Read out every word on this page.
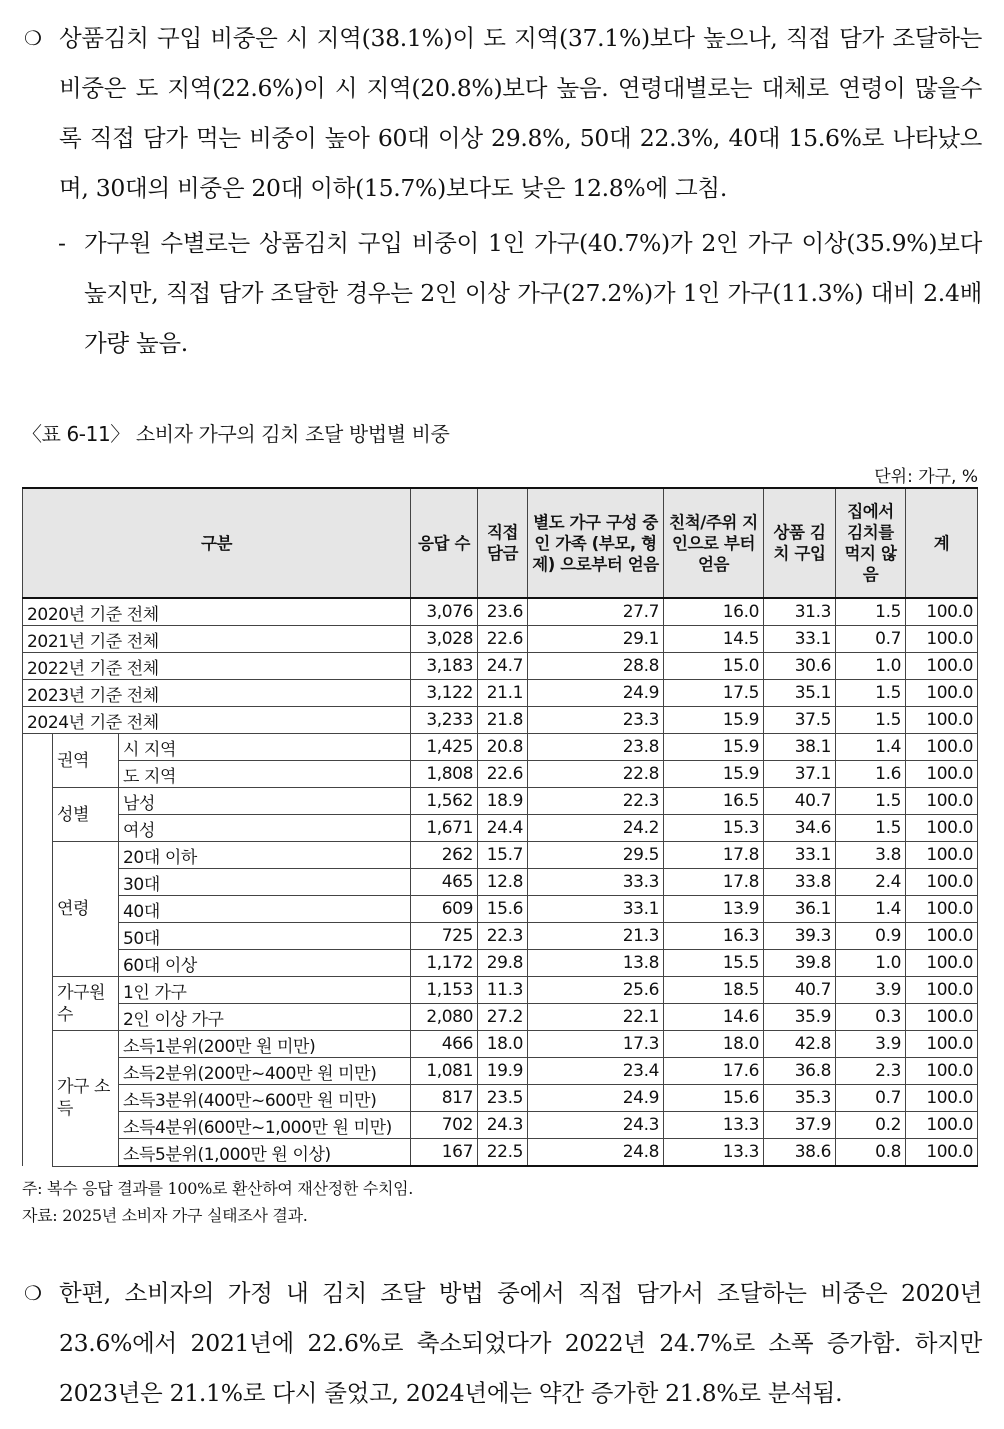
❍ 상품김치 구입 비중은 시 지역(38.1%)이 도 지역(37.1%)보다 높으나, 직접 담가 조달하는 비중은 도 지역(22.6%)이 시 지역(20.8%)보다 높음. 연령대별로는 대체로 연령이 많을수록 직접 담가 먹는 비중이 높아 60대 이상 29.8%, 50대 22.3%, 40대 15.6%로 나타났으며, 30대의 비중은 20대 이하(15.7%)보다도 낮은 12.8%에 그침.
- 가구원 수별로는 상품김치 구입 비중이 1인 가구(40.7%)가 2인 가구 이상(35.9%)보다 높지만, 직접 담가 조달한 경우는 2인 이상 가구(27.2%)가 1인 가구(11.3%) 대비 2.4배 가량 높음.
〈표 6-11〉 소비자 가구의 김치 조달 방법별 비중
단위: 가구, %
구분			응답 수	직접 담금	별도 가구 구성 중인 가족 (부모, 형제) 으로부터 얻음	친척/주위 지인으로 부터 얻음	상품 김치 구입	집에서 김치를 먹지 않음	계
2020년 기준 전체			3,076	23.6	27.7	16.0	31.3	1.5	100.0
2021년 기준 전체			3,028	22.6	29.1	14.5	33.1	0.7	100.0
2022년 기준 전체			3,183	24.7	28.8	15.0	30.6	1.0	100.0
2023년 기준 전체			3,122	21.1	24.9	17.5	35.1	1.5	100.0
2024년 기준 전체			3,233	21.8	23.3	15.9	37.5	1.5	100.0
	권역	시 지역	1,425	20.8	23.8	15.9	38.1	1.4	100.0
		도 지역	1,808	22.6	22.8	15.9	37.1	1.6	100.0
	성별	남성	1,562	18.9	22.3	16.5	40.7	1.5	100.0
		여성	1,671	24.4	24.2	15.3	34.6	1.5	100.0
	연령	20대 이하	262	15.7	29.5	17.8	33.1	3.8	100.0
		30대	465	12.8	33.3	17.8	33.8	2.4	100.0
		40대	609	15.6	33.1	13.9	36.1	1.4	100.0
		50대	725	22.3	21.3	16.3	39.3	0.9	100.0
		60대 이상	1,172	29.8	13.8	15.5	39.8	1.0	100.0
	가구원 수	1인 가구	1,153	11.3	25.6	18.5	40.7	3.9	100.0
		2인 이상 가구	2,080	27.2	22.1	14.6	35.9	0.3	100.0
	가구 소득	소득1분위(200만 원 미만)	466	18.0	17.3	18.0	42.8	3.9	100.0
		소득2분위(200만~400만 원 미만)	1,081	19.9	23.4	17.6	36.8	2.3	100.0
		소득3분위(400만~600만 원 미만)	817	23.5	24.9	15.6	35.3	0.7	100.0
		소득4분위(600만~1,000만 원 미만)	702	24.3	24.3	13.3	37.9	0.2	100.0
		소득5분위(1,000만 원 이상)	167	22.5	24.8	13.3	38.6	0.8	100.0
주: 복수 응답 결과를 100%로 환산하여 재산정한 수치임.
자료: 2025년 소비자 가구 실태조사 결과.
❍ 한편, 소비자의 가정 내 김치 조달 방법 중에서 직접 담가서 조달하는 비중은 2020년 23.6%에서 2021년에 22.6%로 축소되었다가 2022년 24.7%로 소폭 증가함. 하지만 2023년은 21.1%로 다시 줄었고, 2024년에는 약간 증가한 21.8%로 분석됨.
